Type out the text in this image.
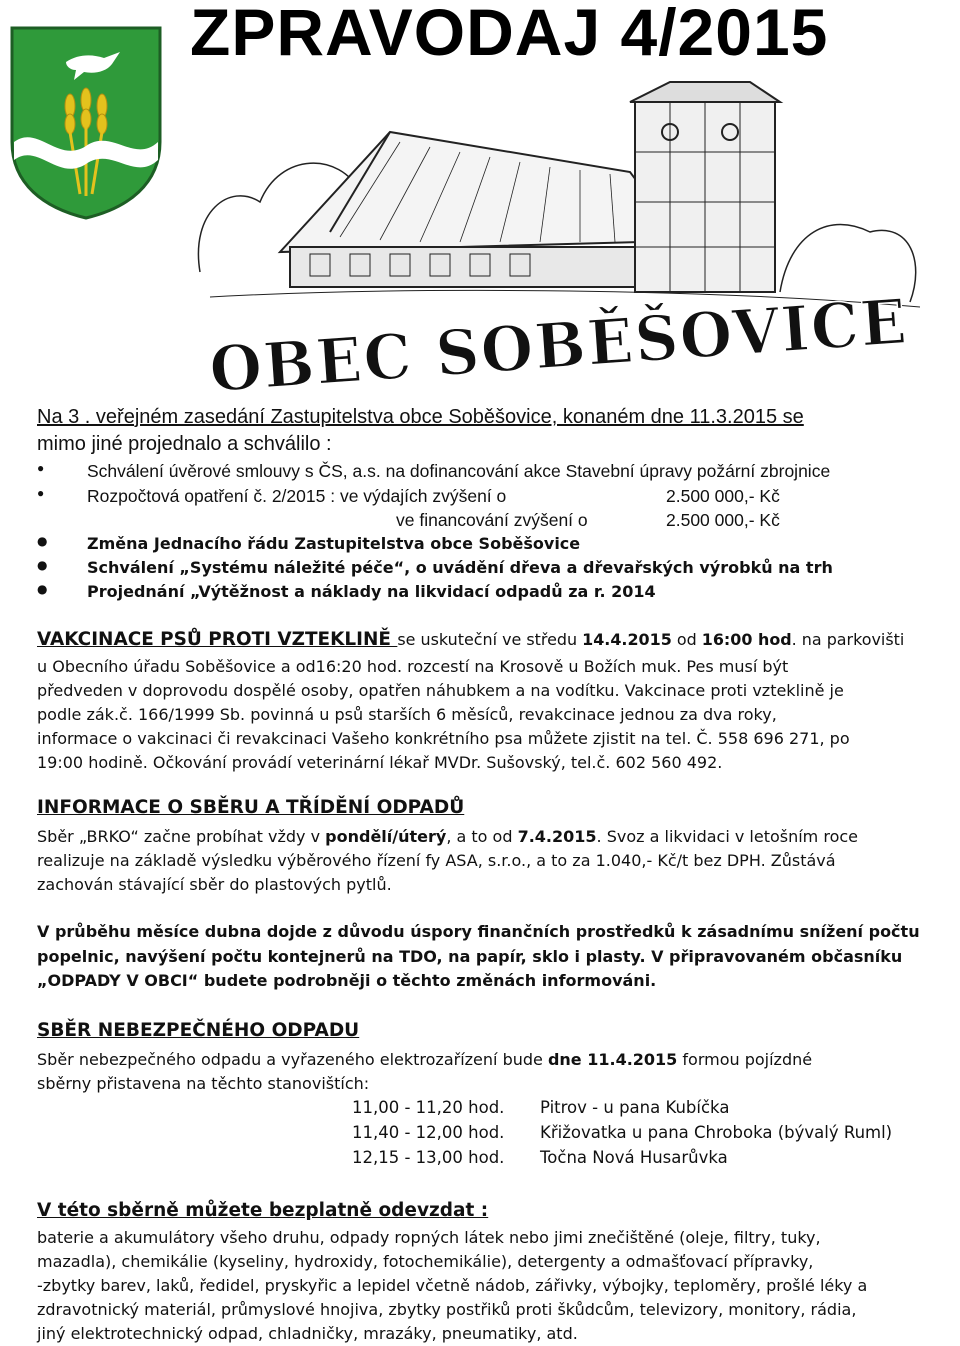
ZPRAVODAJ 4/2015
OBEC SOBĚŠOVICE
Na 3 . veřejném zasedání Zastupitelstva obce Soběšovice, konaném dne 11.3.2015 se
mimo jiné projednalo a schválilo :
● Schválení úvěrové smlouvy s ČS, a.s. na dofinancování akce Stavební úpravy požární zbrojnice
● Rozpočtová opatření č. 2/2015 : ve výdajích zvýšení o	2.500 000,- Kč
ve financování zvýšení o	2.500 000,- Kč
● Změna Jednacího řádu Zastupitelstva obce Soběšovice
● Schválení „Systému náležité péče“, o uvádění dřeva a dřevařských výrobků na trh
● Projednání „Výtěžnost a náklady na likvidací odpadů za r. 2014
VAKCINACE PSŮ PROTI VZTEKLINĚ se uskuteční ve středu 14.4.2015 od 16:00 hod. na parkovišti
u Obecního úřadu Soběšovice a od16:20 hod. rozcestí na Krosově u Božích muk. Pes musí být
předveden v doprovodu dospělé osoby, opatřen náhubkem a na vodítku. Vakcinace proti vzteklině je
podle zák.č. 166/1999 Sb. povinná u psů starších 6 měsíců, revakcinace jednou za dva roky,
informace o vakcinaci či revakcinaci Vašeho konkrétního psa můžete zjistit na tel. Č. 558 696 271, po
19:00 hodině. Očkování provádí veterinární lékař MVDr. Sušovský, tel.č. 602 560 492.
INFORMACE O SBĚRU A TŘÍDĚNÍ ODPADŮ
Sběr „BRKO“ začne probíhat vždy v pondělí/úterý, a to od 7.4.2015. Svoz a likvidaci v letošním roce
realizuje na základě výsledku výběrového řízení fy ASA, s.r.o., a to za 1.040,- Kč/t bez DPH. Zůstává
zachován stávající sběr do plastových pytlů.
V průběhu měsíce dubna dojde z důvodu úspory finančních prostředků k zásadnímu snížení počtu
popelnic, navýšení počtu kontejnerů na TDO, na papír, sklo i plasty. V připravovaném občasníku
„ODPADY V OBCI“ budete podrobněji o těchto změnách informováni.
SBĚR NEBEZPEČNÉHO ODPADU
Sběr nebezpečného odpadu a vyřazeného elektrozařízení bude dne 11.4.2015 formou pojízdné
sběrny přistavena na těchto stanovištích:
11,00 - 11,20 hod. Pitrov - u pana Kubíčka
11,40 - 12,00 hod. Křižovatka u pana Chroboka (bývalý Ruml)
12,15 - 13,00 hod. Točna Nová Husarůvka
V této sběrně můžete bezplatně odevzdat :
baterie a akumulátory všeho druhu, odpady ropných látek nebo jimi znečištěné (oleje, filtry, tuky,
mazadla), chemikálie (kyseliny, hydroxidy, fotochemikálie), detergenty a odmašťovací přípravky,
-zbytky barev, laků, ředidel, pryskyřic a lepidel včetně nádob, zářivky, výbojky, teploměry, prošlé léky a
zdravotnický materiál, průmyslové hnojiva, zbytky postřiků proti škůdcům, televizory, monitory, rádia,
jiný elektrotechnický odpad, chladničky, mrazáky, pneumatiky, atd.
